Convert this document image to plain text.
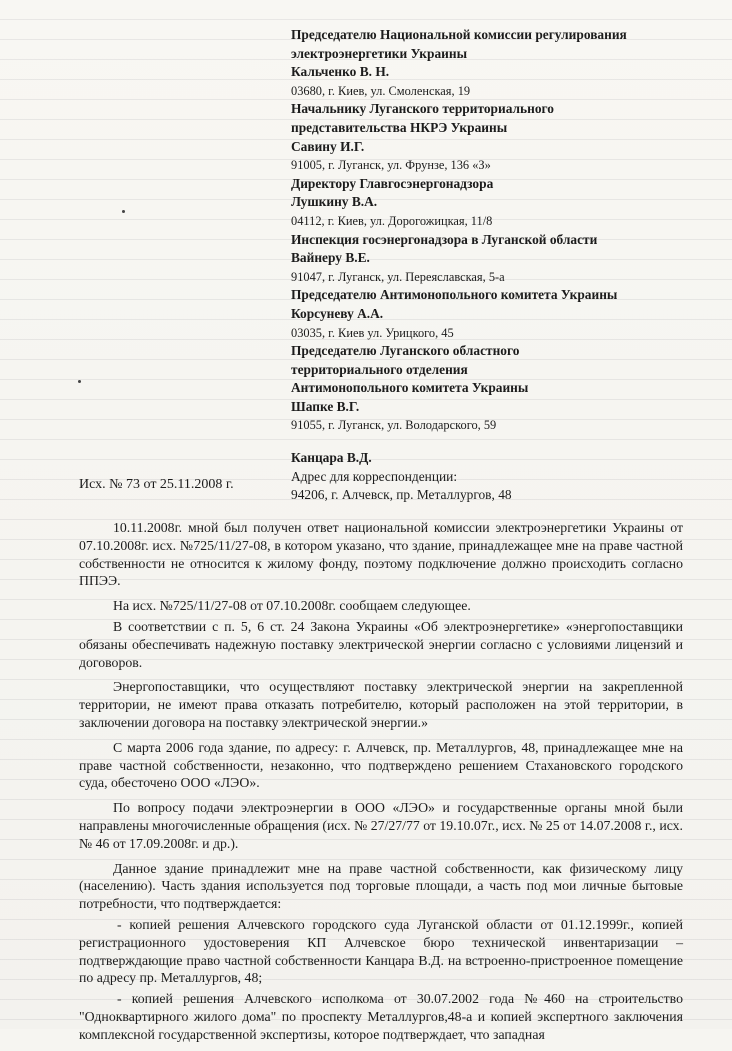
Председателю Национальной комиссии регулирования
электроэнергетики Украины
Кальченко В. Н.
03680, г. Киев, ул. Смоленская, 19
Начальнику Луганского территориального
представительства НКРЭ Украины
Савину И.Г.
91005, г. Луганск, ул. Фрунзе, 136 «З»
Директору Главгосэнергонадзора
Лушкину В.А.
04112, г. Киев, ул. Дорогожицкая, 11/8
Инспекция госэнергонадзора в Луганской области
Вайнеру В.Е.
91047, г. Луганск, ул. Переяславская, 5-а
Председателю Антимонопольного комитета Украины
Корсуневу А.А.
03035, г. Киев ул. Урицкого, 45
Председателю Луганского областного
территориального отделения
Антимонопольного комитета Украины
Шапке В.Г.
91055, г. Луганск, ул. Володарского, 59
Канцара В.Д.
Адрес для корреспонденции:
94206, г. Алчевск, пр. Металлургов, 48
Исх. № 73 от 25.11.2008 г.

10.11.2008г. мной был получен ответ национальной комиссии электроэнергетики Украины от 07.10.2008г. исх. №725/11/27-08, в котором указано, что здание, принадлежащее мне на праве частной собственности не относится к жилому фонду, поэтому подключение должно происходить согласно ППЭЭ.

На исх. №725/11/27-08 от 07.10.2008г. сообщаем следующее.

В соответствии с п. 5, 6 ст. 24 Закона Украины «Об электроэнергетике» «энергопоставщики обязаны обеспечивать надежную поставку электрической энергии согласно с условиями лицензий и договоров.

Энергопоставщики, что осуществляют поставку электрической энергии на закрепленной территории, не имеют права отказать потребителю, который расположен на этой территории, в заключении договора на поставку электрической энергии.»

С марта 2006 года здание, по адресу: г. Алчевск, пр. Металлургов, 48, принадлежащее мне на праве частной собственности, незаконно, что подтверждено решением Стахановского городского суда, обесточено ООО «ЛЭО».

По вопросу подачи электроэнергии в ООО «ЛЭО» и государственные органы мной были направлены многочисленные обращения (исх. № 27/27/77 от 19.10.07г., исх. № 25 от 14.07.2008 г., исх. № 46 от 17.09.2008г. и др.).

Данное здание принадлежит мне на праве частной собственности, как физическому лицу (населению). Часть здания используется под торговые площади, а часть под мои личные бытовые потребности, что подтверждается:

- копией решения Алчевского городского суда Луганской области от 01.12.1999г., копией регистрационного удостоверения КП Алчевское бюро технической инвентаризации – подтверждающие право частной собственности Канцара В.Д. на встроенно-пристроенное помещение по адресу пр. Металлургов, 48;

- копией решения Алчевского исполкома от 30.07.2002 года №460 на строительство "Одноквартирного жилого дома" по проспекту Металлургов,48-а и копией экспертного заключения комплексной государственной экспертизы, которое подтверждает, что западная
